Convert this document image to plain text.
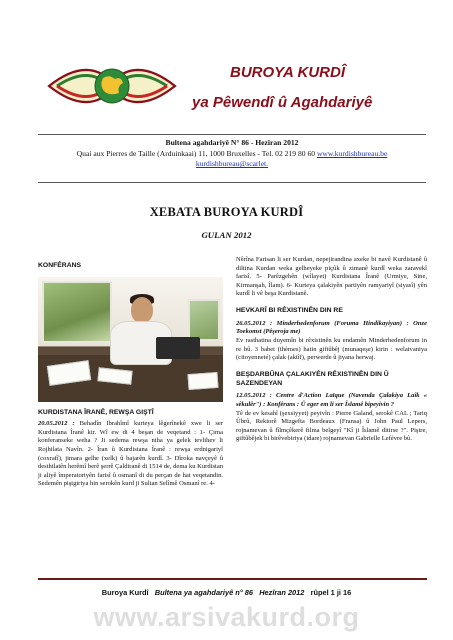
BUROYA KURDÎ
ya Pêwendî û Agahdariyê
Bultena agahdariyê N° 86 - Hezîran 2012
Quai aux Pierres de Taille (Arduinkaai) 11, 1000 Bruxelles - Tel. 02 219 80 60 www.kurdishbureau.be
kurdishbureau@scarlet.
XEBATA BUROYA KURDÎ
GULAN 2012
KONFÊRANS
KURDISTANA ÎRANÊ, REWŞA GIŞTÎ

20.05.2012 : Behadîn Ibrahîmî kurteya lêgerînekê xwe li ser Kurdistana Îranê kir. Wî ew di 4 beşan de veqetand : 1- Çima konferanseke weha ? Ji sedema rewşa niha ya gelek tevlihev li Rojhilata Navîn. 2- Îran û Kurdistana Îranê : rewşa erdnigariyî (coxrafî), jimara gelhe (xelk) û bajarên kurdî. 3- Dîroka navçeyê û desthilatên herêmî berê şerrê Çaldiranê di 1514 de, dema ku Kurdistan ji aliyê împeratoriyên farisî û osmanî di du perçan de hat veqetandin. Sedemên piştgiriya hin serokên kurd ji Sultan Selîmê Osmanî re. 4-

Nêrîna Farisan li ser Kurdan, nepejirandina axeke bi navê Kurdistanê û diltina Kurdan weka gelheyeke piçûk û zimanê kurdî weka zaravekî farisî. 5- Parêzgehên (wîlayet) Kurdistana Îranê (Urmiye, Sine, Kirmanşah, Îlam). 6- Kurteya çalakiyên partiyên ramyariyî (siyasî) yên kurdî li vê beşa Kurdistanê.

HEVKARÎ BI RÊXISTINÊN DIN RE

26.05.2012 : Minderhedenforum (Foruma Hindikayiyan) : Onze Toekomst (Pêşeroja me)
Ev rasthatina duyemîn bi rêxistinên ku endamên Minderhedenforum in re bû. 3 babet (thèmes) hatin giftûbêj (munaqeşe) kirin : welatvaniya (citoyenneté) çalak (aktîf), perwerde û jiyana herwaj.

BEŞDARBÛNA ÇALAKIYÊN RÊXISTINÊN DIN Û SAZENDEYAN

12.05.2012 : Centre d'Action Laïque (Navenda Çalakiya Laîk « sêkulêr") : Konfêrans : Û eger em li ser Îslamê bipeyivin ?
Tê de ev kesahî (şexsiyyet) peyivîn : Pierre Galand, serokê CAL ; Tariq Ûbrû, Rektorê Mizgefta Bordeaux (Fransa) û John Paul Lepers, rojnamevan û fîlmçêkerê filma belgeyî "Kî ji Îslamê ditirse ?". Piştre, giftûbêjek bi birêvebiriya (idare) rojnamevan Gabrielle Lefèvre bû.

Buroya Kurdî Bultena ya agahdariyê n° 86 Hezîran 2012 rûpel 1 ji 16
www.arsivakurd.org
